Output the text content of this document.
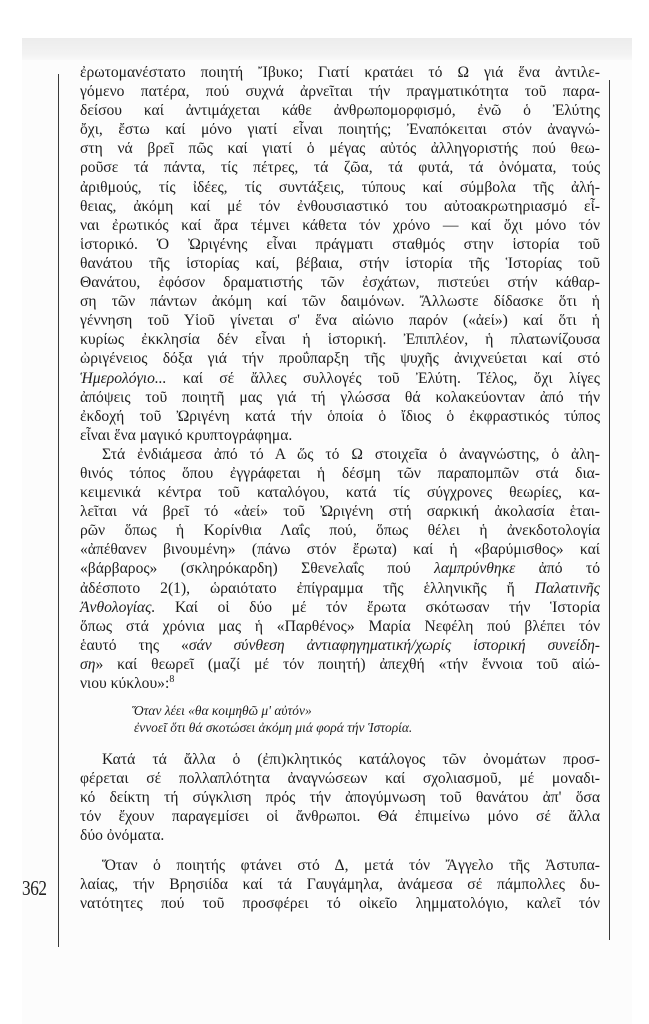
362
ἐρωτομανέστατο ποιητή Ἴβυκο; Γιατί κρατάει τό Ω γιά ἕνα ἀντιλε-
γόμενο πατέρα, πού συχνά ἀρνεῖται τήν πραγματικότητα τοῦ παρα-
δείσου καί ἀντιμάχεται κάθε ἀνθρωπομορφισμό, ἐνῶ ὁ Ἐλύτης
ὄχι, ἔστω καί μόνο γιατί εἶναι ποιητής; Ἐναπόκειται στόν ἀναγνώ-
στη νά βρεῖ πῶς καί γιατί ὁ μέγας αὐτός ἀλληγοριστής πού θεω-
ροῦσε τά πάντα, τίς πέτρες, τά ζῶα, τά φυτά, τά ὀνόματα, τούς
ἀριθμούς, τίς ἰδέες, τίς συντάξεις, τύπους καί σύμβολα τῆς ἀλή-
θειας, ἀκόμη καί μέ τόν ἐνθουσιαστικό του αὐτοακρωτηριασμό εἶ-
ναι ἐρωτικός καί ἄρα τέμνει κάθετα τόν χρόνο — καί ὄχι μόνο τόν
ἱστορικό. Ὁ Ὠριγένης εἶναι πράγματι σταθμός στην ἱστορία τοῦ
θανάτου τῆς ἱστορίας καί, βέβαια, στήν ἱστορία τῆς Ἱστορίας τοῦ
Θανάτου, ἐφόσον δραματιστής τῶν ἐσχάτων, πιστεύει στήν κάθαρ-
ση τῶν πάντων ἀκόμη καί τῶν δαιμόνων. Ἄλλωστε δίδασκε ὅτι ἡ
γέννηση τοῦ Υἱοῦ γίνεται σ' ἕνα αἰώνιο παρόν («ἀεί») καί ὅτι ἡ
κυρίως ἐκκλησία δέν εἶναι ἡ ἱστορική. Ἐπιπλέον, ἡ πλατωνίζουσα
ὠριγένειος δόξα γιά τήν προΰπαρξη τῆς ψυχῆς ἀνιχνεύεται καί στό
Ἡμερολόγιο... καί σέ ἄλλες συλλογές τοῦ Ἐλύτη. Τέλος, ὄχι λίγες
ἀπόψεις τοῦ ποιητῆ μας γιά τή γλώσσα θά κολακεύονταν ἀπό τήν
ἐκδοχή τοῦ Ὠριγένη κατά τήν ὁποία ὁ ἴδιος ὁ ἐκφραστικός τύπος
εἶναι ἕνα μαγικό κρυπτογράφημα.
Στά ἐνδιάμεσα ἀπό τό Α ὥς τό Ω στοιχεῖα ὁ ἀναγνώστης, ὁ ἀλη-
θινός τόπος ὅπου ἐγγράφεται ἡ δέσμη τῶν παραπομπῶν στά δια-
κειμενικά κέντρα τοῦ καταλόγου, κατά τίς σύγχρονες θεωρίες, κα-
λεῖται νά βρεῖ τό «ἀεί» τοῦ Ὠριγένη στή σαρκική ἀκολασία ἑται-
ρῶν ὅπως ἡ Κορίνθια Λαΐς πού, ὅπως θέλει ἡ ἀνεκδοτολογία
«ἀπέθανεν βινουμένη» (πάνω στόν ἔρωτα) καί ἡ «βαρύμισθος» καί
«βάρβαρος» (σκληρόκαρδη) Σθενελαΐς πού λαμπρύνθηκε ἀπό τό
ἀδέσποτο 2(1), ὡραιότατο ἐπίγραμμα τῆς ἑλληνικῆς ἤ Παλατινῆς
Ἀνθολογίας. Καί οἱ δύο μέ τόν ἔρωτα σκότωσαν τήν Ἱστορία
ὅπως στά χρόνια μας ἡ «Παρθένος» Μαρία Νεφέλη πού βλέπει τόν
ἑαυτό της «σάν σύνθεση ἀντιαφηγηματική/χωρίς ἱστορική συνείδη-
ση» καί θεωρεῖ (μαζί μέ τόν ποιητή) ἀπεχθή «τήν ἔννοια τοῦ αἰώ-
νιου κύκλου»:$^8$
Ὅταν λέει «θα κοιμηθῶ μ' αὐτόν»
ἐννοεῖ ὅτι θά σκοτώσει ἀκόμη μιά φορά τήν Ἱστορία.
Κατά τά ἄλλα ὁ (ἐπι)κλητικός κατάλογος τῶν ὀνομάτων προσ-
φέρεται σέ πολλαπλότητα ἀναγνώσεων καί σχολιασμοῦ, μέ μοναδι-
κό δείκτη τή σύγκλιση πρός τήν ἀπογύμνωση τοῦ θανάτου ἀπ' ὅσα
τόν ἔχουν παραγεμίσει οἱ ἄνθρωποι. Θά ἐπιμείνω μόνο σέ ἄλλα
δύο ὀνόματα.
Ὅταν ὁ ποιητής φτάνει στό Δ, μετά τόν Ἄγγελο τῆς Ἀστυπα-
λαίας, τήν Βρησιίδα καί τά Γαυγάμηλα, ἀνάμεσα σέ πάμπολλες δυ-
νατότητες πού τοῦ προσφέρει τό οἰκεῖο λημματολόγιο, καλεῖ τόν
